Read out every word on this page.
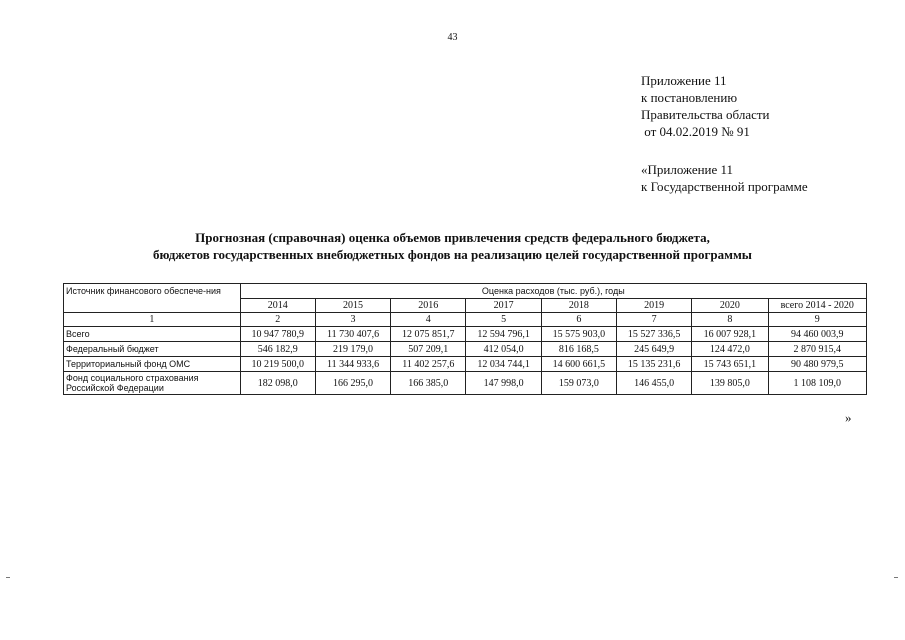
43
Приложение 11
к постановлению
Правительства области
от 04.02.2019 № 91
«Приложение 11
к Государственной программе
Прогнозная (справочная) оценка объемов привлечения средств федерального бюджета,
бюджетов государственных внебюджетных фондов на реализацию целей государственной программы
Источник финансового обеспече-ния	Оценка расходов (тыс. руб.), годы							
	2014	2015	2016	2017	2018	2019	2020	всего 2014 - 2020
1	2	3	4	5	6	7	8	9
Всего	10 947 780,9	11 730 407,6	12 075 851,7	12 594 796,1	15 575 903,0	15 527 336,5	16 007 928,1	94 460 003,9
Федеральный бюджет	546 182,9	219 179,0	507 209,1	412 054,0	816 168,5	245 649,9	124 472,0	2 870 915,4
Территориальный фонд ОМС	10 219 500,0	11 344 933,6	11 402 257,6	12 034 744,1	14 600 661,5	15 135 231,6	15 743 651,1	90 480 979,5
Фонд социального страхования Российской Федерации	182 098,0	166 295,0	166 385,0	147 998,0	159 073,0	146 455,0	139 805,0	1 108 109,0
»
